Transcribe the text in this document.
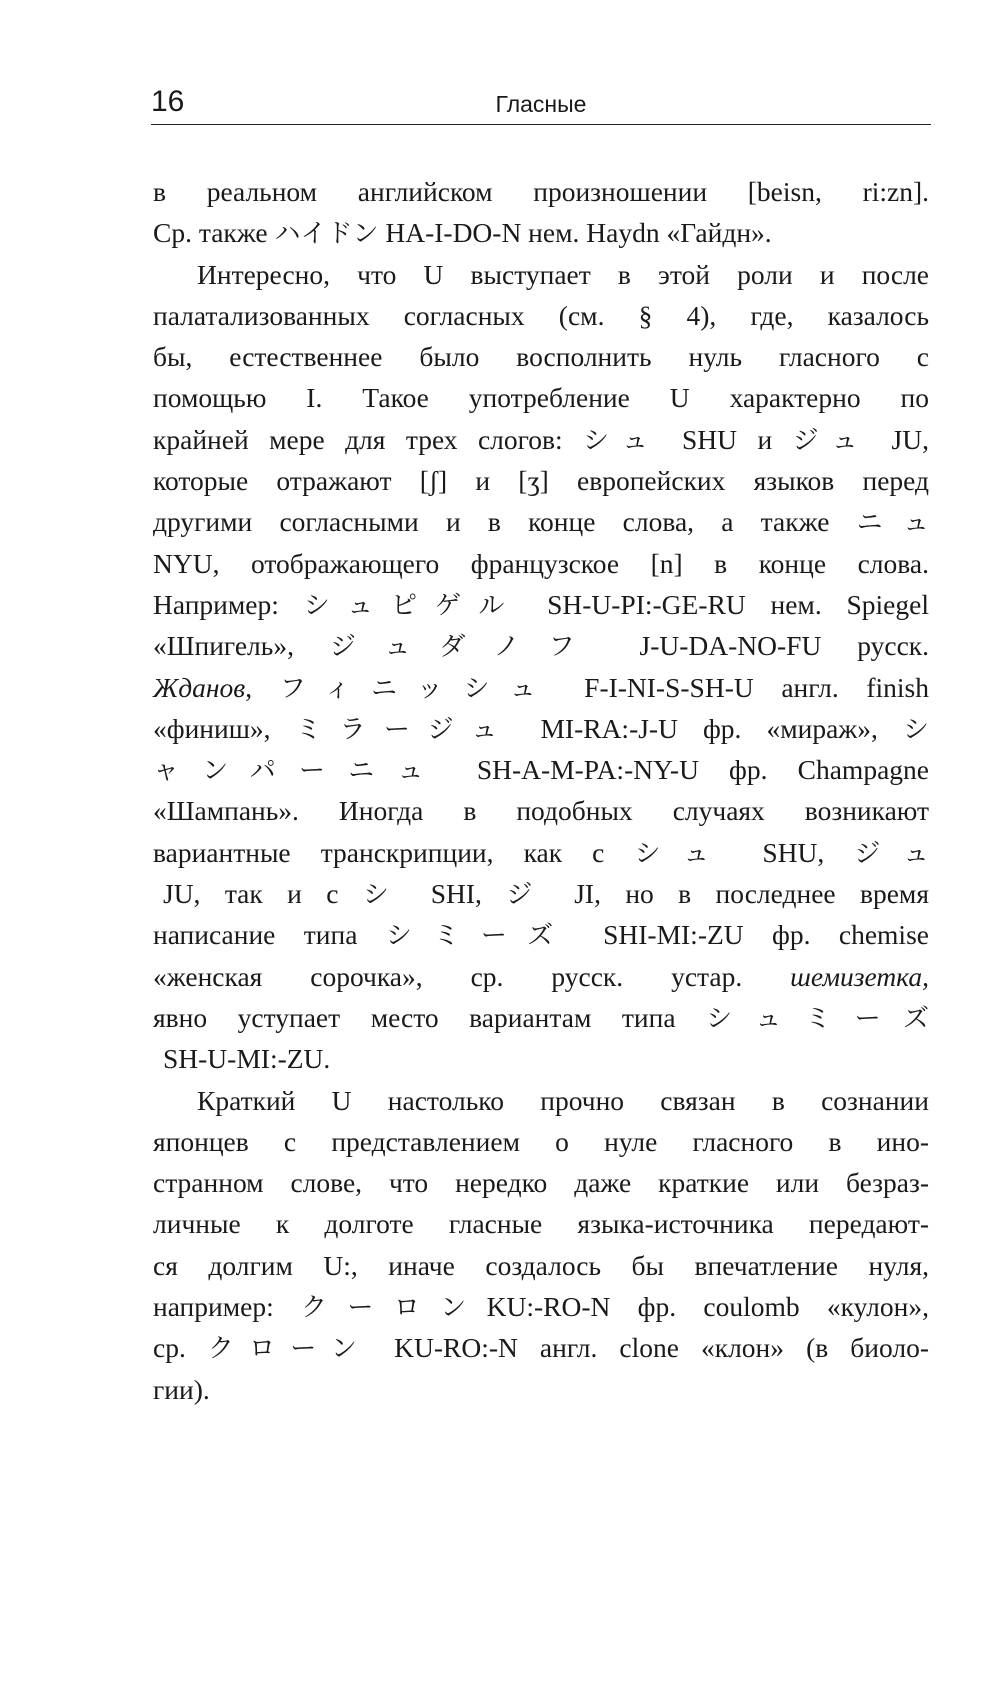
16	Гласные
в реальном английском произношении [beisn, ri:zn].
Ср. также ハイドン HA-I-DO-N нем. Haydn «Гайдн».
Интересно, что U выступает в этой роли и после
палатализованных согласных (см. § 4), где, казалось
бы, естественнее было восполнить нуль гласного с
помощью I. Такое употребление U характерно по
крайней мере для трех слогов: シュ SHU и ジュ JU,
которые отражают [ʃ] и [ʒ] европейских языков перед
другими согласными и в конце слова, а также ニュ
NYU, отображающего французское [n] в конце слова.
Например: シュピゲル SH-U-PI:-GE-RU нем. Spiegel
«Шпигель», ジュダノフ J-U-DA-NO-FU русск.
Жданов, フィニッシュ F-I-NI-S-SH-U англ. finish
«финиш», ミラージュ MI-RA:-J-U фр. «мираж», シ
ャンパーニュ SH-A-M-PA:-NY-U фр. Champagne
«Шампань». Иногда в подобных случаях возникают
вариантные транскрипции, как с シュ SHU, ジュ
JU, так и с シ SHI, ジ JI, но в последнее время
написание типа シミーズ SHI-MI:-ZU фр. chemise
«женская сорочка», ср. русск. устар. шемизетка,
явно уступает место вариантам типа シュミーズ
SH-U-MI:-ZU.
Краткий U настолько прочно связан в сознании
японцев с представлением о нуле гласного в ино-
странном слове, что нередко даже краткие или безраз-
личные к долготе гласные языка-источника передают-
ся долгим U:, иначе создалось бы впечатление нуля,
например: クーロンKU:-RO-N фр. coulomb «кулон»,
ср. クローン KU-RO:-N англ. clone «клон» (в биоло-
гии).
